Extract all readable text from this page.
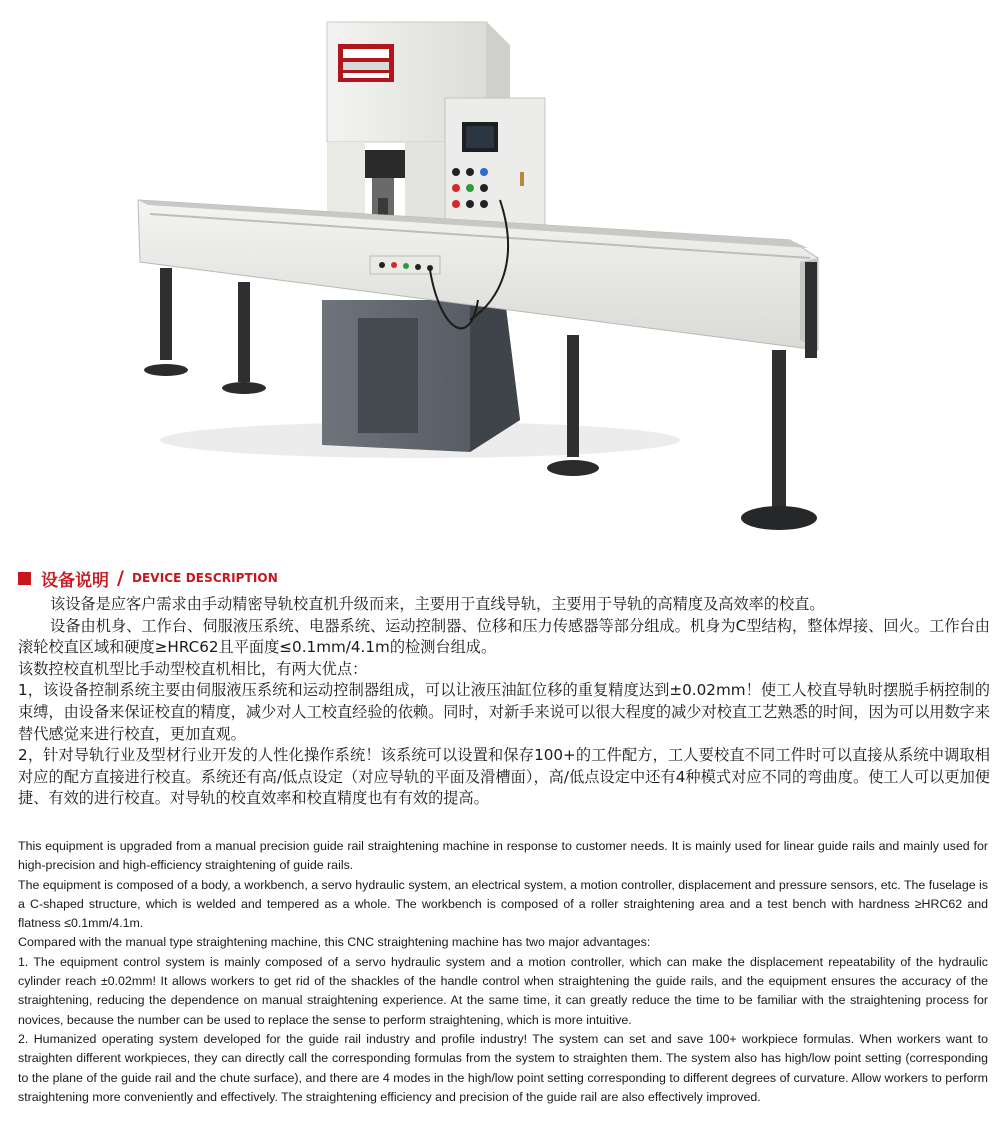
设备说明 / DEVICE DESCRIPTION

该设备是应客户需求由手动精密导轨校直机升级而来，主要用于直线导轨，主要用于导轨的高精度及高效率的校直。

设备由机身、工作台、伺服液压系统、电器系统、运动控制器、位移和压力传感器等部分组成。机身为C型结构，整体焊接、回火。工作台由滚轮校直区域和硬度≥HRC62且平面度≤0.1mm/4.1m的检测台组成。

该数控校直机型比手动型校直机相比，有两大优点：

1，该设备控制系统主要由伺服液压系统和运动控制器组成，可以让液压油缸位移的重复精度达到±0.02mm！使工人校直导轨时摆脱手柄控制的束缚，由设备来保证校直的精度，减少对人工校直经验的依赖。同时，对新手来说可以很大程度的减少对校直工艺熟悉的时间，因为可以用数字来替代感觉来进行校直，更加直观。

2，针对导轨行业及型材行业开发的人性化操作系统！该系统可以设置和保存100+的工件配方，工人要校直不同工件时可以直接从系统中调取相对应的配方直接进行校直。系统还有高/低点设定（对应导轨的平面及滑槽面），高/低点设定中还有4种模式对应不同的弯曲度。使工人可以更加便捷、有效的进行校直。对导轨的校直效率和校直精度也有有效的提高。

This equipment is upgraded from a manual precision guide rail straightening machine in response to customer needs. It is mainly used for linear guide rails and mainly used for high-precision and high-efficiency straightening of guide rails.

The equipment is composed of a body, a workbench, a servo hydraulic system, an electrical system, a motion controller, displacement and pressure sensors, etc. The fuselage is a C-shaped structure, which is welded and tempered as a whole. The workbench is composed of a roller straightening area and a test bench with hardness ≥HRC62 and flatness ≤0.1mm/4.1m.

Compared with the manual type straightening machine, this CNC straightening machine has two major advantages:

1. The equipment control system is mainly composed of a servo hydraulic system and a motion controller, which can make the displacement repeatability of the hydraulic cylinder reach ±0.02mm! It allows workers to get rid of the shackles of the handle control when straightening the guide rails, and the equipment ensures the accuracy of the straightening, reducing the dependence on manual straightening experience. At the same time, it can greatly reduce the time to be familiar with the straightening process for novices, because the number can be used to replace the sense to perform straightening, which is more intuitive.

2. Humanized operating system developed for the guide rail industry and profile industry! The system can set and save 100+ workpiece formulas. When workers want to straighten different workpieces, they can directly call the corresponding formulas from the system to straighten them. The system also has high/low point setting (corresponding to the plane of the guide rail and the chute surface), and there are 4 modes in the high/low point setting corresponding to different degrees of curvature. Allow workers to perform straightening more conveniently and effectively. The straightening efficiency and precision of the guide rail are also effectively improved.
